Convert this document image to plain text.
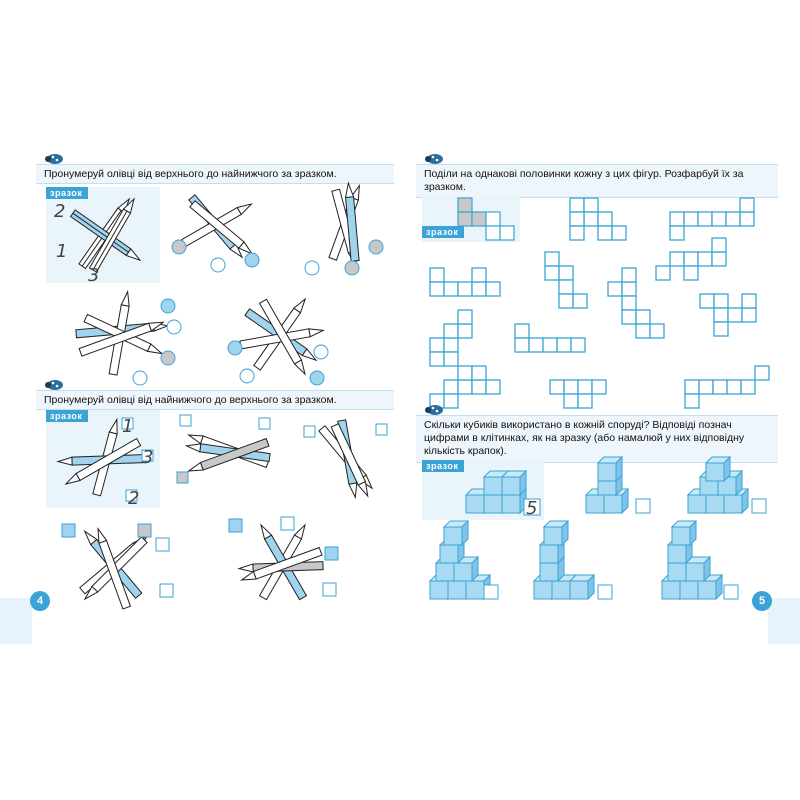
Пронумеруй олівці від верхнього до найнижчого за зразком.
зразок
2
1
3
Пронумеруй олівці від найнижчого до верхнього за зразком.
зразок	1
3
2
4
Поділи на однакові половинки кожну з цих фігур. Розфарбуй їх за зразком.
зразок
Скільки кубиків використано в кожній споруді? Відповіді познач цифрами в клітинках, як на зразку (або намалюй у них відповідну кількість крапок).
зразок
5
5
